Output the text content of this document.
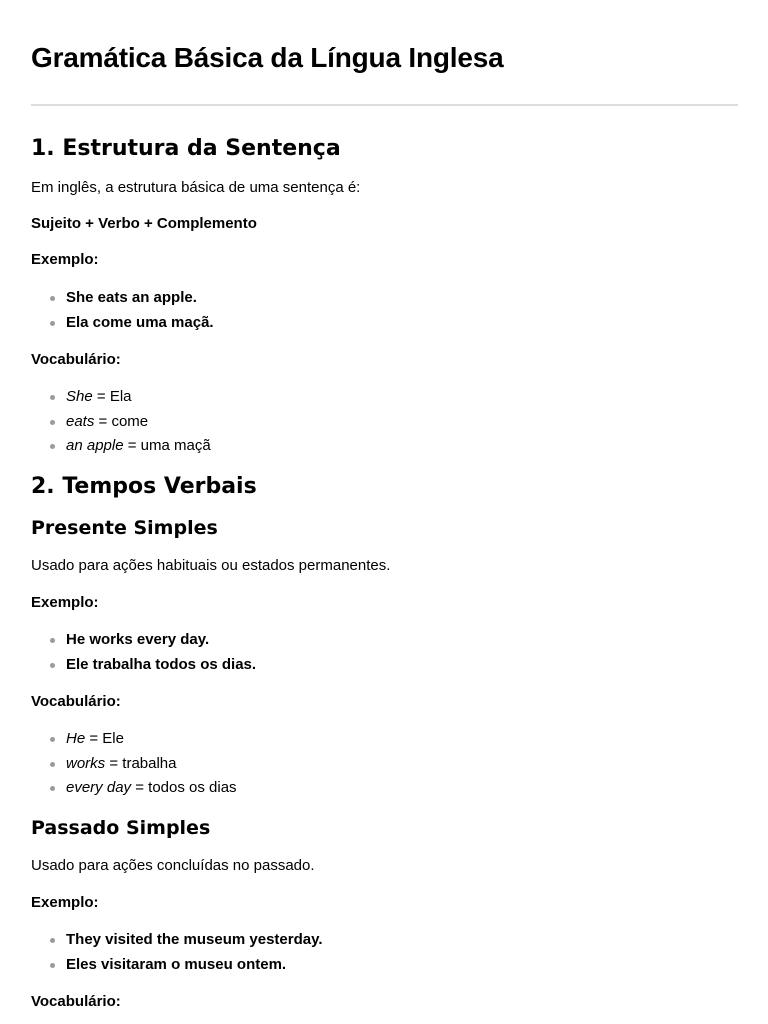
Gramática Básica da Língua Inglesa
1. Estrutura da Sentença

Em inglês, a estrutura básica de uma sentença é:

Sujeito + Verbo + Complemento

Exemplo:

She eats an apple.
Ela come uma maçã.

Vocabulário:

She = Ela
eats = come
an apple = uma maçã
2. Tempos Verbais
Presente Simples

Usado para ações habituais ou estados permanentes.

Exemplo:

He works every day.
Ele trabalha todos os dias.

Vocabulário:

He = Ele
works = trabalha
every day = todos os dias
Passado Simples

Usado para ações concluídas no passado.

Exemplo:

They visited the museum yesterday.
Eles visitaram o museu ontem.

Vocabulário:
